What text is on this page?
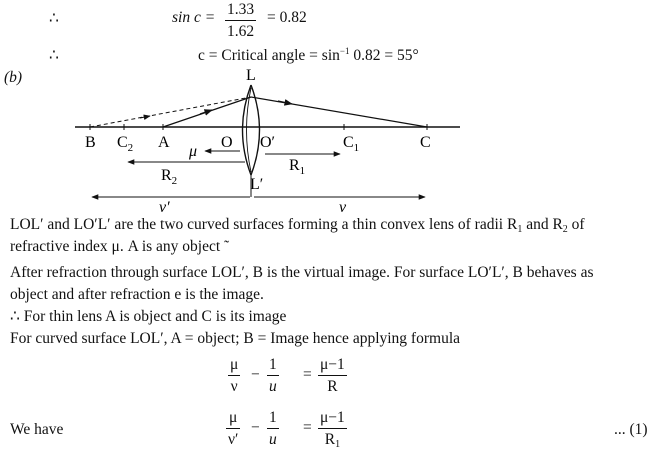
∴	sin c = 1.33
1.62
= 0.82
∴	c = Critical angle = $\sin^{-1} 0.82 = 55^\circ$
(b)	L
B $C_2$ A	O O′	$C_1$	C
μ
$R_1$
$R_2$	L′
v′	v
LOL′ and LO′L′ are the two curved surfaces forming a thin convex lens of radii $R_1$ and $R_2$ of
refractive index μ. A is any object ˜
After refraction through surface LOL′, B is the virtual image. For surface LO′L′, B behaves as
object and after refraction e is the image.
∴ For thin lens A is object and C is its image
For curved surface LOL′, A = object; B = Image hence applying formula
μ
ν
−
1
u
=
μ−1
R
We have
μ
ν′
−
1
u
=
μ−1
$R_1$
... (1)
